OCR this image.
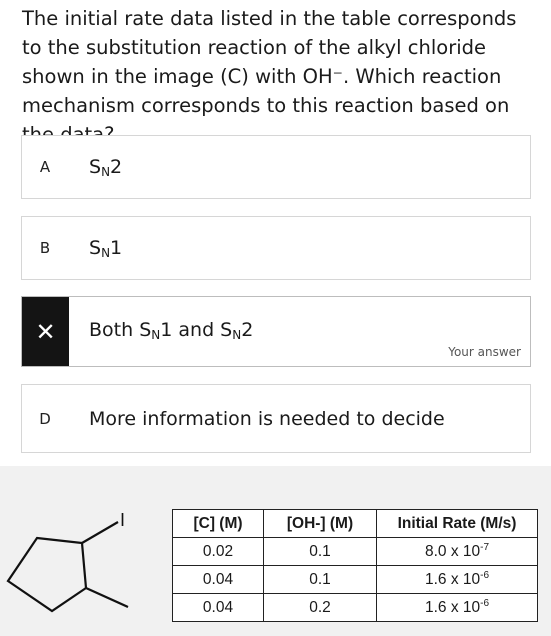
The initial rate data listed in the table corresponds to the substitution reaction of the alkyl chloride shown in the image (C) with OH⁻. Which reaction mechanism corresponds to this reaction based on
A	$S_N2$
B	$S_N1$
✕	Both $S_N1$ and $S_N2$
Your answer
D	More information is needed to decide
I	[C] (M)	[OH-] (M)	Initial Rate (M/s)
0.02	0.1	8.0 x $10^{-7}$
0.04	0.1	1.6 x $10^{-6}$
0.04	0.2	1.6 x $10^{-6}$
